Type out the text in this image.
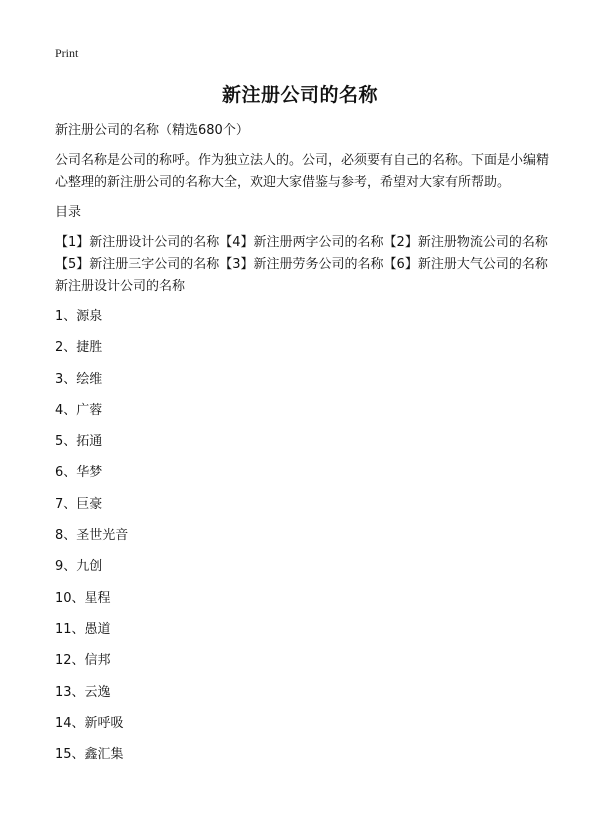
Print
新注册公司的名称

新注册公司的名称（精选680个）

公司名称是公司的称呼。作为独立法人的。公司，必须要有自己的名称。下面是小编精心整理的新注册公司的名称大全，欢迎大家借鉴与参考，希望对大家有所帮助。

目录

【1】新注册设计公司的名称【4】新注册两字公司的名称【2】新注册物流公司的名称【5】新注册三字公司的名称【3】新注册劳务公司的名称【6】新注册大气公司的名称新注册设计公司的名称

1、源泉
2、捷胜
3、绘维
4、广蓉
5、拓通
6、华梦
7、巨豪
8、圣世光音
9、九创
10、星程
11、愚道
12、信邦
13、云逸
14、新呼吸
15、鑫汇集
